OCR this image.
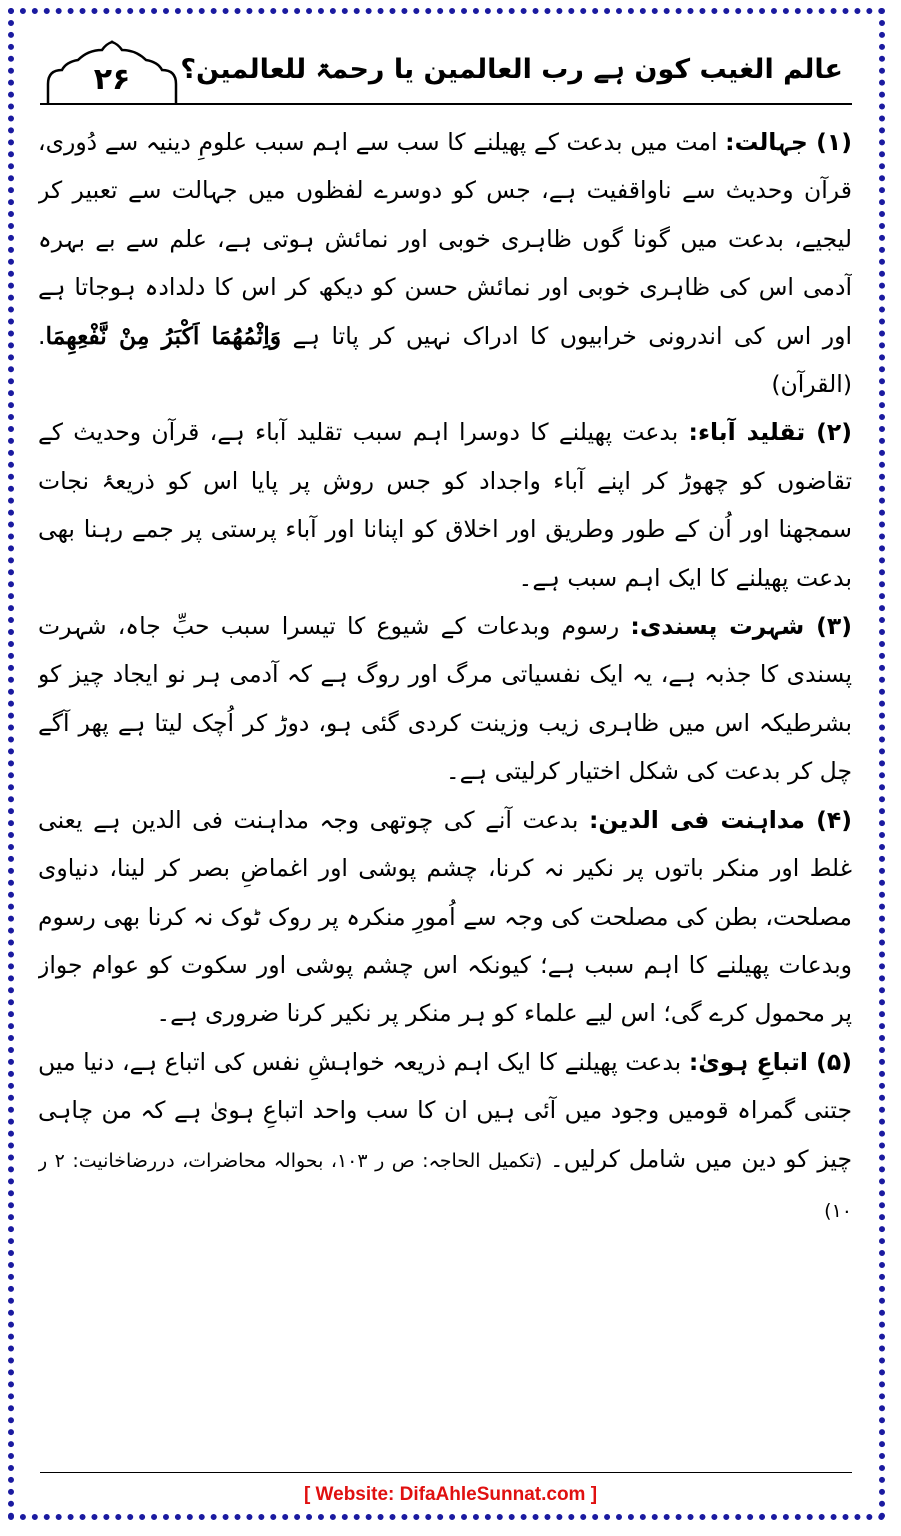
۲۶	عالم الغیب کون ہے رب العالمین یا رحمۃ للعالمین؟

(۱) جہالت: امت میں بدعت کے پھیلنے کا سب سے اہم سبب علومِ دینیہ سے دُوری، قرآن وحدیث سے ناواقفیت ہے، جس کو دوسرے لفظوں میں جہالت سے تعبیر کر لیجیے، بدعت میں گونا گوں ظاہری خوبی اور نمائش ہوتی ہے، علم سے بے بہرہ آدمی اس کی ظاہری خوبی اور نمائش حسن کو دیکھ کر اس کا دلدادہ ہوجاتا ہے اور اس کی اندرونی خرابیوں کا ادراک نہیں کر پاتا ہے وَاِثْمُهُمَا اَكْبَرُ مِنْ نَّفْعِهِمَا.(القرآن)

(۲) تقلید آباء: بدعت پھیلنے کا دوسرا اہم سبب تقلید آباء ہے، قرآن وحدیث کے تقاضوں کو چھوڑ کر اپنے آباء واجداد کو جس روش پر پایا اس کو ذریعۂ نجات سمجھنا اور اُن کے طور وطریق اور اخلاق کو اپنانا اور آباء پرستی پر جمے رہنا بھی بدعت پھیلنے کا ایک اہم سبب ہے۔

(۳) شہرت پسندی: رسوم وبدعات کے شیوع کا تیسرا سبب حبِّ جاہ، شہرت پسندی کا جذبہ ہے، یہ ایک نفسیاتی مرگ اور روگ ہے کہ آدمی ہر نو ایجاد چیز کو بشرطیکہ اس میں ظاہری زیب وزینت کردی گئی ہو، دوڑ کر اُچک لیتا ہے پھر آگے چل کر بدعت کی شکل اختیار کرلیتی ہے۔

(۴) مداہنت فی الدین: بدعت آنے کی چوتھی وجہ مداہنت فی الدین ہے یعنی غلط اور منکر باتوں پر نکیر نہ کرنا، چشم پوشی اور اغماضِ بصر کر لینا، دنیاوی مصلحت، بطن کی مصلحت کی وجہ سے اُمورِ منکرہ پر روک ٹوک نہ کرنا بھی رسوم وبدعات پھیلنے کا اہم سبب ہے؛ کیونکہ اس چشم پوشی اور سکوت کو عوام جواز پر محمول کرے گی؛ اس لیے علماء کو ہر منکر پر نکیر کرنا ضروری ہے۔

(۵) اتباعِ ہویٰ: بدعت پھیلنے کا ایک اہم ذریعہ خواہشِ نفس کی اتباع ہے، دنیا میں جتنی گمراہ قومیں وجود میں آئی ہیں ان کا سب واحد اتباعِ ہویٰ ہے کہ من چاہی چیز کو دین میں شامل کرلیں۔ (تکمیل الحاجہ: ص ر ۱۰۳، بحوالہ محاضرات، دررضاخانیت: ۲ ر ۱۰)

[ Website: DifaAhleSunnat.com ]
